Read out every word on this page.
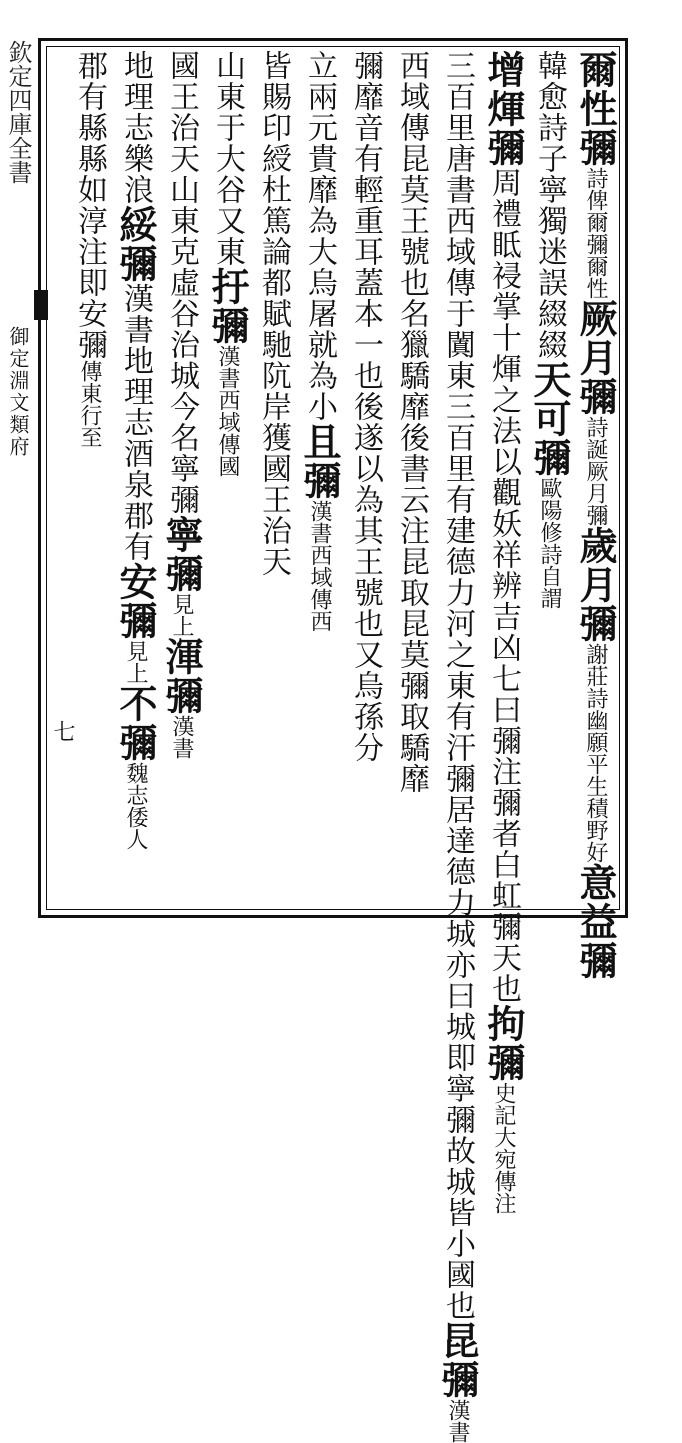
欽定四庫全書
御定淵文類府
爾性彌詩俾爾彌爾性厥月彌詩誕厥月彌歲月彌謝莊詩幽願平生積野好意益彌
韓愈詩子寧獨迷誤綴綴天可彌歐陽修詩自謂
增煇彌周禮眡祲掌十煇之法以觀妖祥辨吉凶七曰彌注彌者白虹彌天也拘彌史記大宛傳注
三百里唐書西域傳于闐東三百里有建德力河之東有汗彌居達德力城亦曰城即寧彌故城皆小國也昆彌漢書
西域傳昆莫王號也名獵驕靡後書云注昆取昆莫彌取驕靡
彌靡音有輕重耳蓋本一也後遂以為其王號也又烏孫分
立兩元貴靡為大烏屠就為小且彌漢書西域傳西
皆賜印綬杜篤論都賦馳阬岸獲國王治天
山東于大谷又東扜彌漢書西域傳國
國王治天山東克虛谷治城今名寧彌寧彌見上渾彌漢書
地理志樂浪綏彌漢書地理志酒泉郡有安彌見上不彌魏志倭人
郡有縣縣如淳注即安彌傳東行至
七
